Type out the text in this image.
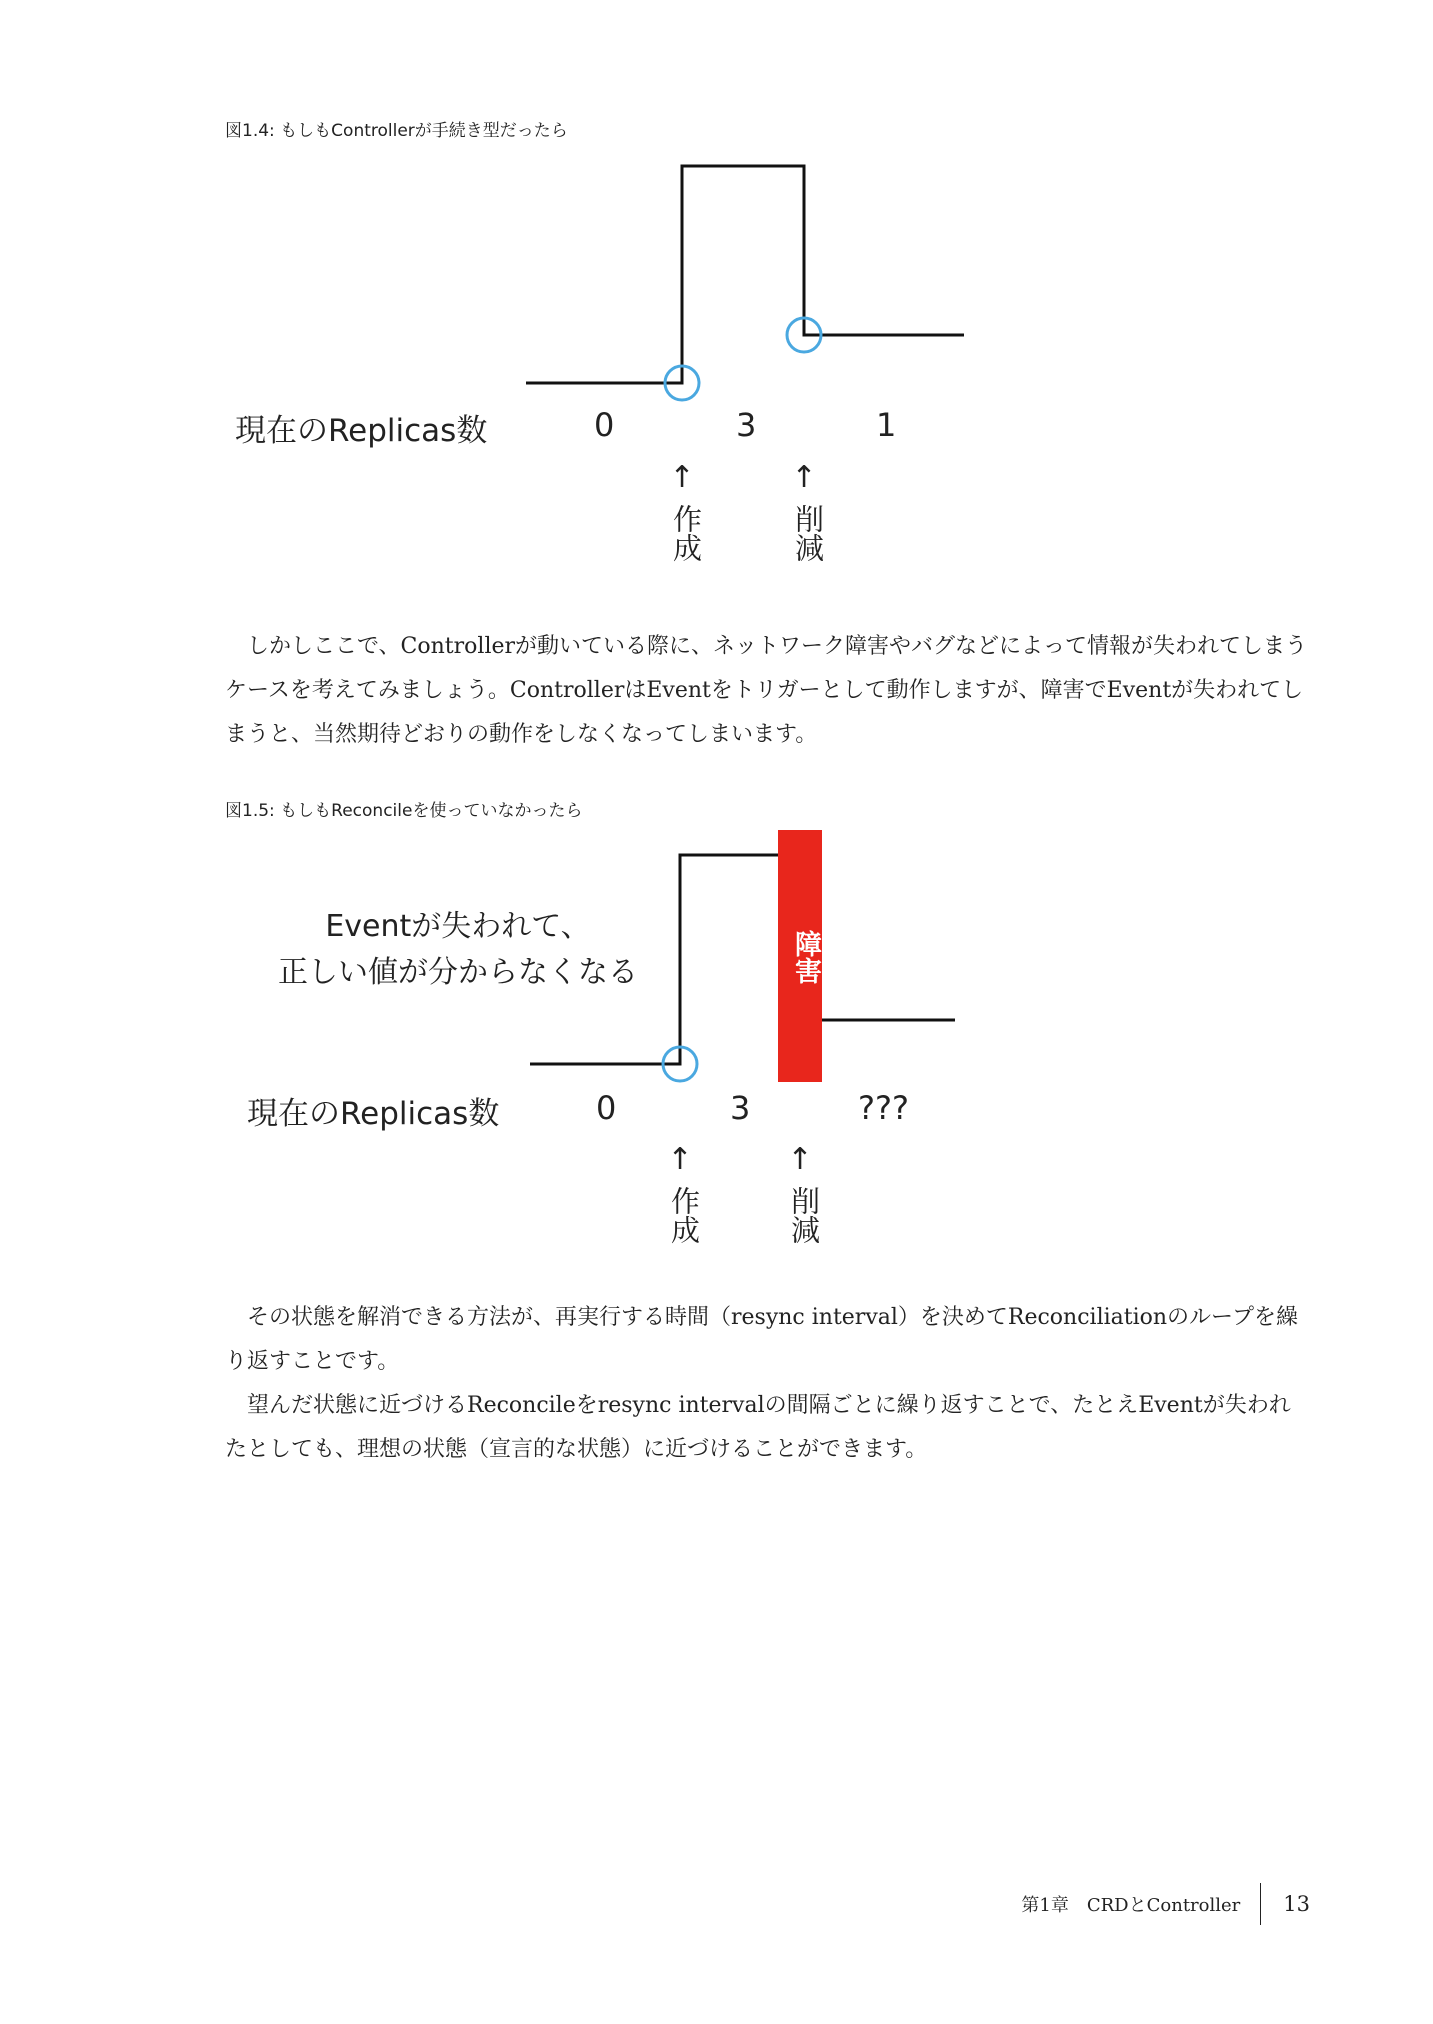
図1.4: もしもControllerが手続き型だったら
現在のReplicas数	0	3	1
↑	↑
作成	削減

しかしここで、Controllerが動いている際に、ネットワーク障害やバグなどによって情報が失われてしまうケースを考えてみましょう。ControllerはEventをトリガーとして動作しますが、障害でEventが失われてしまうと、当然期待どおりの動作をしなくなってしまいます。

図1.5: もしもReconcileを使っていなかったら
障害
Eventが失われて、
正しい値が分からなくなる
現在のReplicas数	0	3	???
↑	↑
作成	削減

その状態を解消できる方法が、再実行する時間（resync interval）を決めてReconciliationのループを繰り返すことです。

望んだ状態に近づけるReconcileをresync intervalの間隔ごとに繰り返すことで、たとえEventが失われたとしても、理想の状態（宣言的な状態）に近づけることができます。

第1章　CRDとController 13
